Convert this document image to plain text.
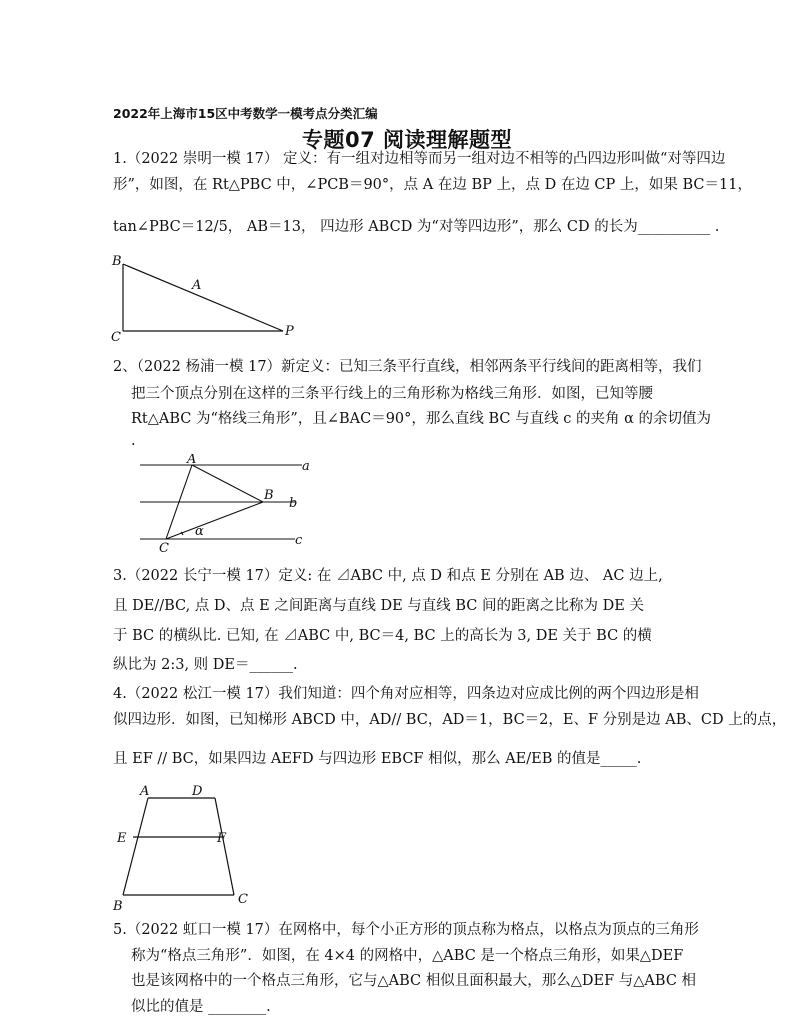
2022年上海市15区中考数学一模考点分类汇编
专题07 阅读理解题型
1.（2022 崇明一模 17） 定义：有一组对边相等而另一组对边不相等的凸四边形叫做“对等四边
形”，如图，在 Rt△PBC 中，∠PCB＝90°，点 A 在边 BP 上，点 D 在边 CP 上，如果 BC＝11，
tan∠PBC＝12/5， AB＝13， 四边形 ABCD 为“对等四边形”，那么 CD 的长为__________ .
B
A
C	P
2、（2022 杨浦一模 17）新定义：已知三条平行直线，相邻两条平行线间的距离相等，我们
把三个顶点分别在这样的三条平行线上的三角形称为格线三角形．如图，已知等腰
Rt△ABC 为“格线三角形”，且∠BAC＝90°，那么直线 BC 与直线 c 的夹角 α 的余切值为
.
A	a
B
b
α
C
c
3.（2022 长宁一模 17）定义: 在 ⊿ABC 中, 点 D 和点 E 分别在 AB 边、 AC 边上,
且 DE//BC, 点 D、点 E 之间距离与直线 DE 与直线 BC 间的距离之比称为 DE 关
于 BC 的横纵比. 已知, 在 ⊿ABC 中, BC＝4, BC 上的高长为 3, DE 关于 BC 的横
纵比为 2:3, 则 DE＝______.
4.（2022 松江一模 17）我们知道：四个角对应相等，四条边对应成比例的两个四边形是相
似四边形．如图，已知梯形 ABCD 中，AD// BC，AD＝1，BC＝2，E、F 分别是边 AB、CD 上的点，
且 EF // BC，如果四边 AEFD 与四边形 EBCF 相似，那么 AE/EB 的值是_____.
A	D
E	F
B	C
5.（2022 虹口一模 17）在网格中，每个小正方形的顶点称为格点，以格点为顶点的三角形
称为“格点三角形”．如图，在 4×4 的网格中，△ABC 是一个格点三角形，如果△DEF
也是该网格中的一个格点三角形，它与△ABC 相似且面积最大，那么△DEF 与△ABC 相
似比的值是 ________.
